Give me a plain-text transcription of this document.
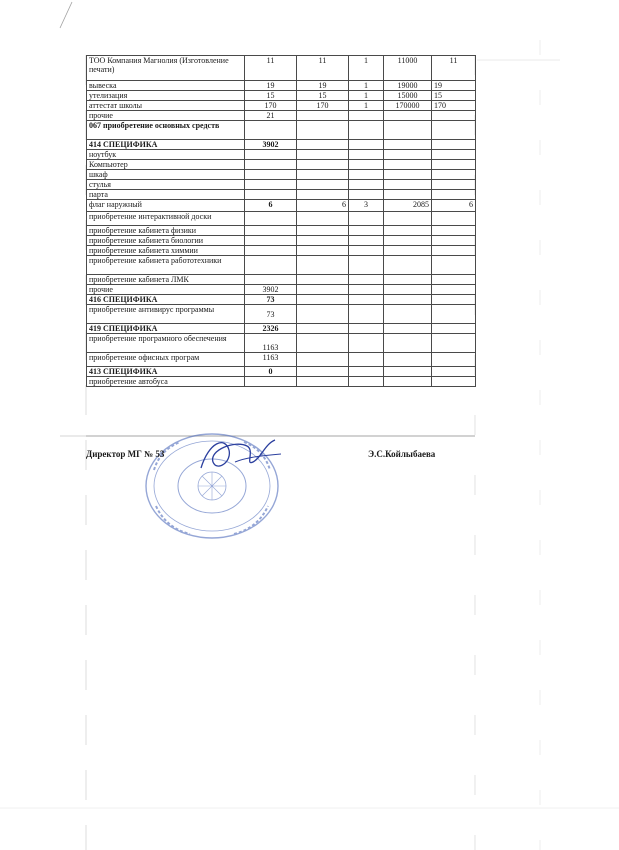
ТОО Компания Магнолия (Изготовление печати)	11	11	1	11000	11
вывеска	19	19	1	19000	19
утелизация	15	15	1	15000	15
аттестат школы	170	170	1	170000	170
прочие	21				
067 приобретение основных средств					
414 СПЕЦИФИКА	3902				
ноутбук					
Компьютер					
шкаф					
стулья					
парта					
флаг наружный	6	6	3	2085	6
приобретение интерактивной доски					
приобретение кабинета физики					
приобретение кабинета биологии					
приобретение кабинета химмии					
приобретение кабинета работотехники					
приобретение кабинета ЛМК					
прочие	3902				
416 СПЕЦИФИКА	73				
приобретение антивирус программы	73				
419 СПЕЦИФИКА	2326				
приобретение програмного обеспечения	1163				
приобретение офисных програм	1163				
413 СПЕЦИФИКА	0				
приобретение автобуса					
Директор МГ № 53	Э.С.Койлыбаева
